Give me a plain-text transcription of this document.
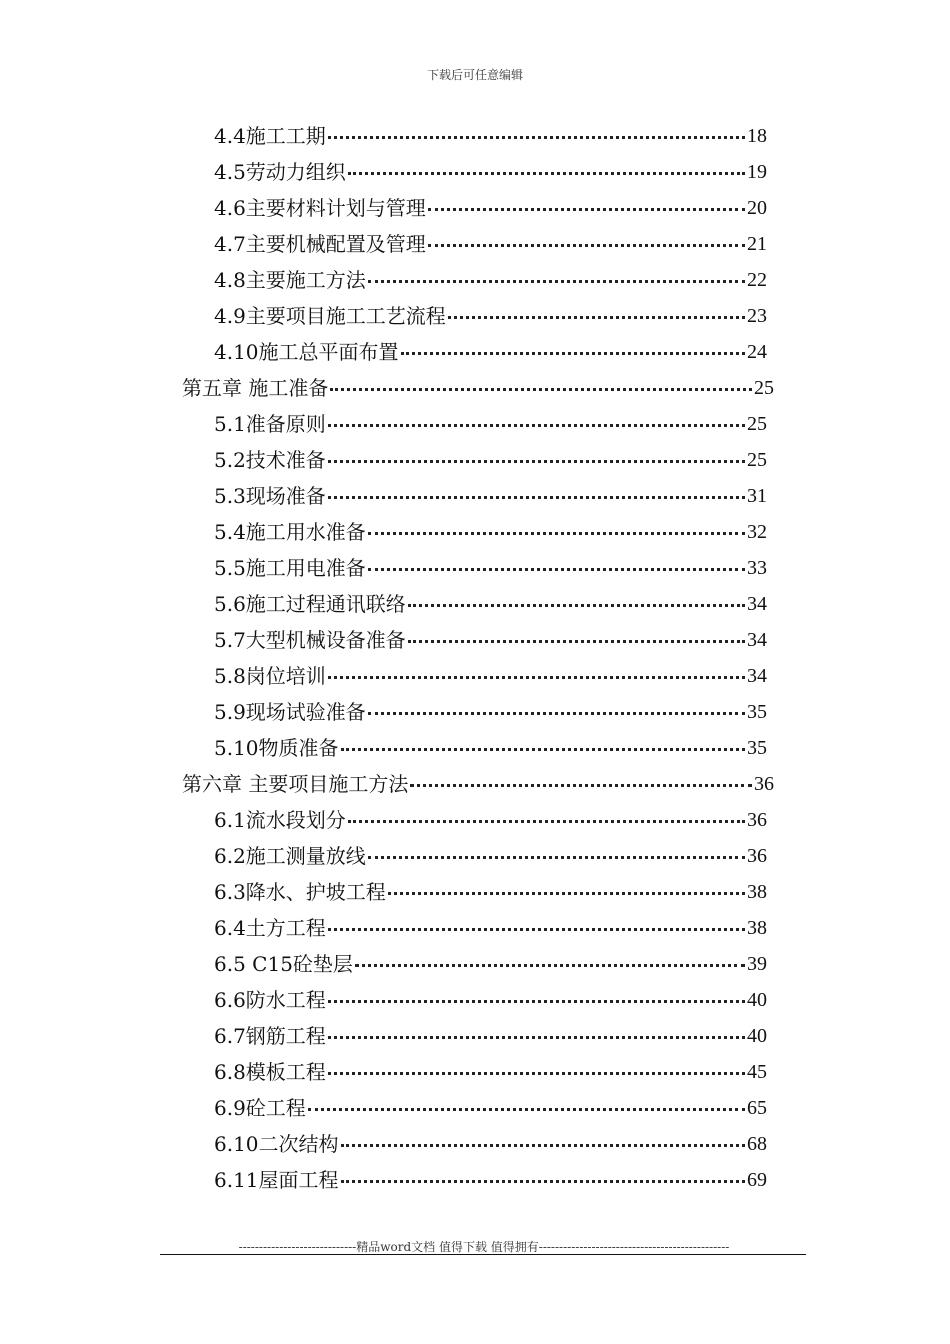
下载后可任意编辑
4.4施工工期	18
4.5劳动力组织	19
4.6主要材料计划与管理	20
4.7主要机械配置及管理	21
4.8主要施工方法	22
4.9主要项目施工工艺流程	23
4.10施工总平面布置	24
第五章 施工准备	25
5.1准备原则	25
5.2技术准备	25
5.3现场准备	31
5.4施工用水准备	32
5.5施工用电准备	33
5.6施工过程通讯联络	34
5.7大型机械设备准备	34
5.8岗位培训	34
5.9现场试验准备	35
5.10物质准备	35
第六章 主要项目施工方法	36
6.1流水段划分	36
6.2施工测量放线	36
6.3降水、护坡工程	38
6.4土方工程	38
6.5 C15砼垫层	39
6.6防水工程	40
6.7钢筋工程	40
6.8模板工程	45
6.9砼工程	65
6.10二次结构	68
6.11屋面工程	69
-----------------------------精品word文档 值得下载 值得拥有-----------------------------------------------
